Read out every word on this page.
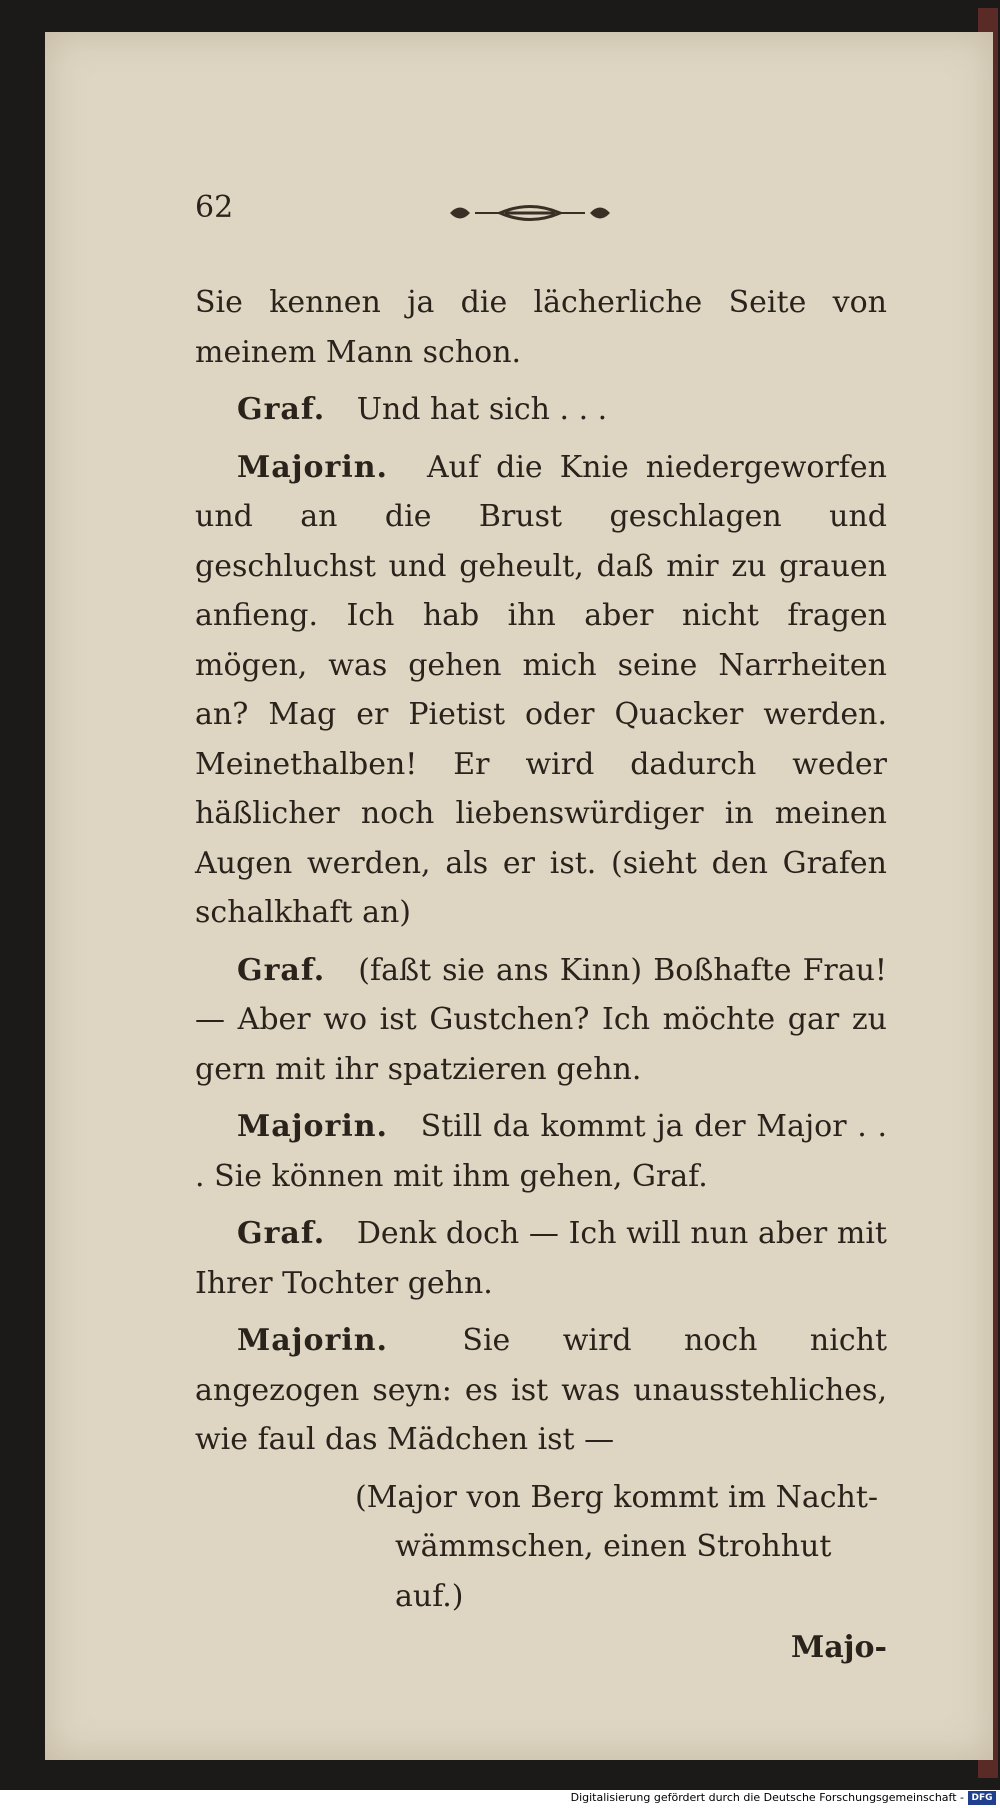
62

Sie kennen ja die lächerliche Seite von meinem Mann schon.

Graf. Und hat sich . . .

Majorin. Auf die Knie niedergeworfen und an die Brust geschlagen und geschluchst und geheult, daß mir zu grauen anfieng. Ich hab ihn aber nicht fragen mögen, was gehen mich seine Narrheiten an? Mag er Pietist oder Quacker werden. Meinethalben! Er wird dadurch weder häßlicher noch liebenswürdiger in meinen Augen werden, als er ist. (sieht den Grafen schalkhaft an)

Graf. (faßt sie ans Kinn) Boßhafte Frau! — Aber wo ist Gustchen? Ich möchte gar zu gern mit ihr spatzieren gehn.

Majorin. Still da kommt ja der Major . . . Sie können mit ihm gehen, Graf.

Graf. Denk doch — Ich will nun aber mit Ihrer Tochter gehn.

Majorin. Sie wird noch nicht angezogen seyn: es ist was unausstehliches, wie faul das Mädchen ist —

(Major von Berg kommt im Nacht-
wämmschen, einen Strohhut auf.)

Majo-
Digitalisierung gefördert durch die Deutsche Forschungsgemeinschaft - DFG
